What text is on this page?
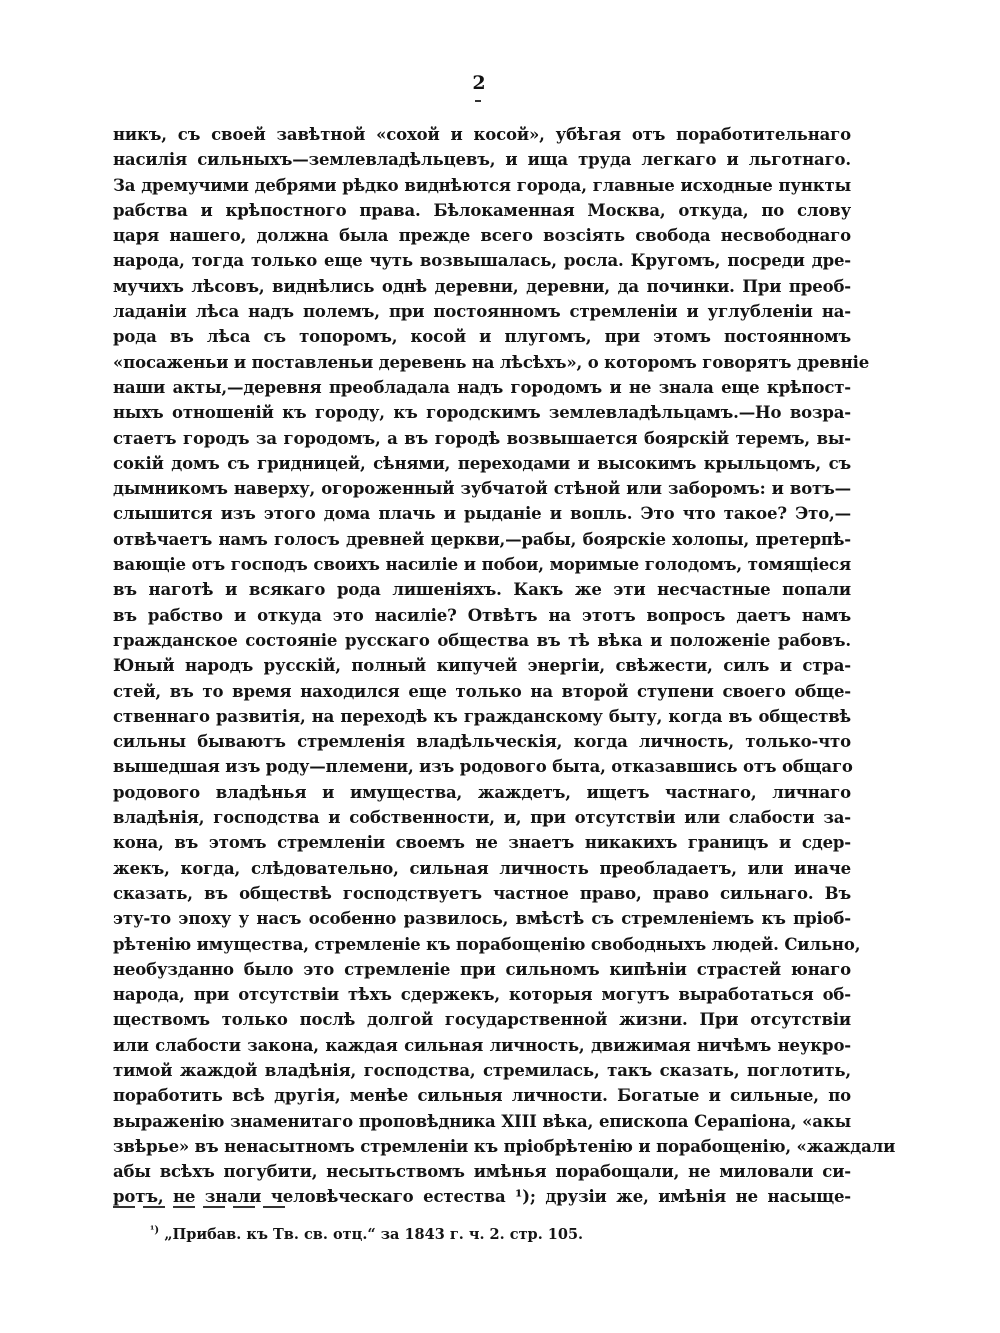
2
никъ, съ своей завѣтной «сохой и косой», убѣгая отъ поработительнаго
насилія сильныхъ—землевладѣльцевъ, и ища труда легкаго и льготнаго.
За дремучими дебрями рѣдко виднѣются города, главные исходные пункты
рабства и крѣпостного права. Бѣлокаменная Москва, откуда, по слову
царя нашего, должна была прежде всего возсіять свобода несвободнаго
народа, тогда только еще чуть возвышалась, росла. Кругомъ, посреди дре-
мучихъ лѣсовъ, виднѣлись однѣ деревни, деревни, да починки. При преоб-
ладаніи лѣса надъ полемъ, при постоянномъ стремленіи и углубленіи на-
рода въ лѣса съ топоромъ, косой и плугомъ, при этомъ постоянномъ
«посаженьи и поставленьи деревень на лѣсѣхъ», о которомъ говорятъ древніе
наши акты,—деревня преобладала надъ городомъ и не знала еще крѣпост-
ныхъ отношеній къ городу, къ городскимъ землевладѣльцамъ.—Но возра-
стаетъ городъ за городомъ, а въ городѣ возвышается боярскій теремъ, вы-
сокій домъ съ гридницей, сѣнями, переходами и высокимъ крыльцомъ, съ
дымникомъ наверху, огороженный зубчатой стѣной или заборомъ: и вотъ—
слышится изъ этого дома плачь и рыданіе и вопль. Это что такое? Это,—
отвѣчаетъ намъ голосъ древней церкви,—рабы, боярскіе холопы, претерпѣ-
вающіе отъ господъ своихъ насиліе и побои, моримые голодомъ, томящіеся
въ наготѣ и всякаго рода лишеніяхъ. Какъ же эти несчастные попали
въ рабство и откуда это насиліе? Отвѣтъ на этотъ вопросъ даетъ намъ
гражданское состояніе русскаго общества въ тѣ вѣка и положеніе рабовъ.
Юный народъ русскій, полный кипучей энергіи, свѣжести, силъ и стра-
стей, въ то время находился еще только на второй ступени своего обще-
ственнаго развитія, на переходѣ къ гражданскому быту, когда въ обществѣ
сильны бываютъ стремленія владѣльческія, когда личность, только-что
вышедшая изъ роду—племени, изъ родового быта, отказавшись отъ общаго
родового владѣнья и имущества, жаждетъ, ищетъ частнаго, личнаго
владѣнія, господства и собственности, и, при отсутствіи или слабости за-
кона, въ этомъ стремленіи своемъ не знаетъ никакихъ границъ и сдер-
жекъ, когда, слѣдовательно, сильная личность преобладаетъ, или иначе
сказать, въ обществѣ господствуетъ частное право, право сильнаго. Въ
эту-то эпоху у насъ особенно развилось, вмѣстѣ съ стремленіемъ къ пріоб-
рѣтенію имущества, стремленіе къ порабощенію свободныхъ людей. Сильно,
необузданно было это стремленіе при сильномъ кипѣніи страстей юнаго
народа, при отсутствіи тѣхъ сдержекъ, которыя могутъ выработаться об-
ществомъ только послѣ долгой государственной жизни. При отсутствіи
или слабости закона, каждая сильная личность, движимая ничѣмъ неукро-
тимой жаждой владѣнія, господства, стремилась, такъ сказать, поглотить,
поработить всѣ другія, менѣе сильныя личности. Богатые и сильные, по
выраженію знаменитаго проповѣдника XIII вѣка, епископа Серапіона, «акы
звѣрье» въ ненасытномъ стремленіи къ пріобрѣтенію и порабощенію, «жаждали
абы всѣхъ погубити, несытьствомъ имѣнья порабощали, не миловали си-
ротъ, не знали человѣческаго естества ¹); друзіи же, имѣнія не насыще-
$^{^1)}$ „Прибав. къ Тв. св. отц.“ за 1843 г. ч. 2. стр. 105.
